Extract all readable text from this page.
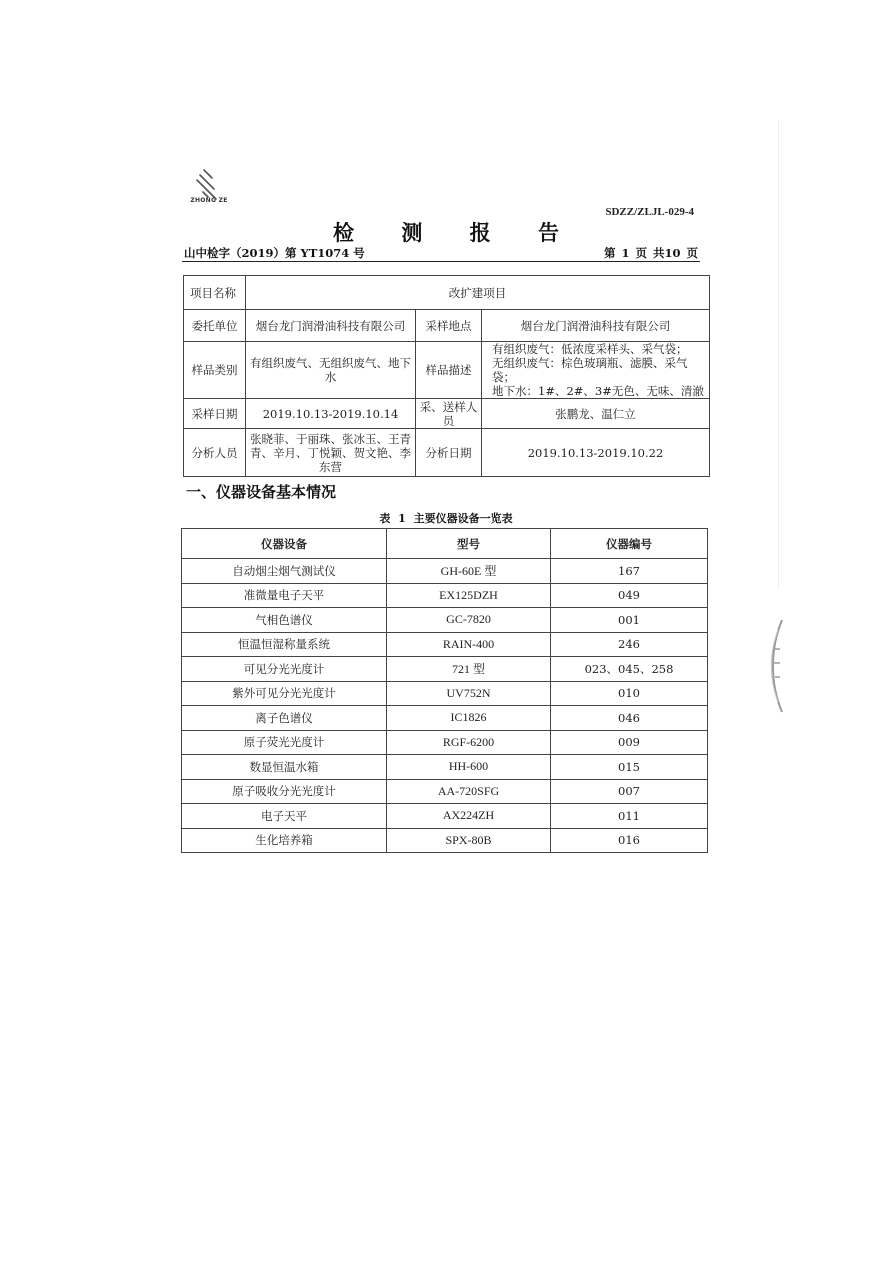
ZHONG ZE
SDZZ/ZLJL-029-4
检 测 报 告
山中检字（2019）第 YT1074 号	第 1 页 共10 页
项目名称	改扩建项目		
委托单位	烟台龙门润滑油科技有限公司	采样地点	烟台龙门润滑油科技有限公司
样品类别	有组织废气、无组织废气、地下水	样品描述	有组织废气：低浓度采样头、采气袋；
无组织废气：棕色玻璃瓶、滤膜、采气袋；
地下水：1#、2#、3#无色、无味、清澈

采样日期	2019.10.13-2019.10.14	采、送样人员	张鹏龙、温仁立
分析人员	张晓菲、于丽珠、张冰玉、王青青、辛月、丁悦颖、贺文艳、李东营	分析日期	2019.10.13-2019.10.22
一、仪器设备基本情况
表 1 主要仪器设备一览表
仪器设备	型号	仪器编号
自动烟尘烟气测试仪	GH-60E 型	167
准微量电子天平	EX125DZH	049
气相色谱仪	GC-7820	001
恒温恒湿称量系统	RAIN-400	246
可见分光光度计	721 型	023、045、258
紫外可见分光光度计	UV752N	010
离子色谱仪	IC1826	046
原子荧光光度计	RGF-6200	009
数显恒温水箱	HH-600	015
原子吸收分光光度计	AA-720SFG	007
电子天平	AX224ZH	011
生化培养箱	SPX-80B	016
